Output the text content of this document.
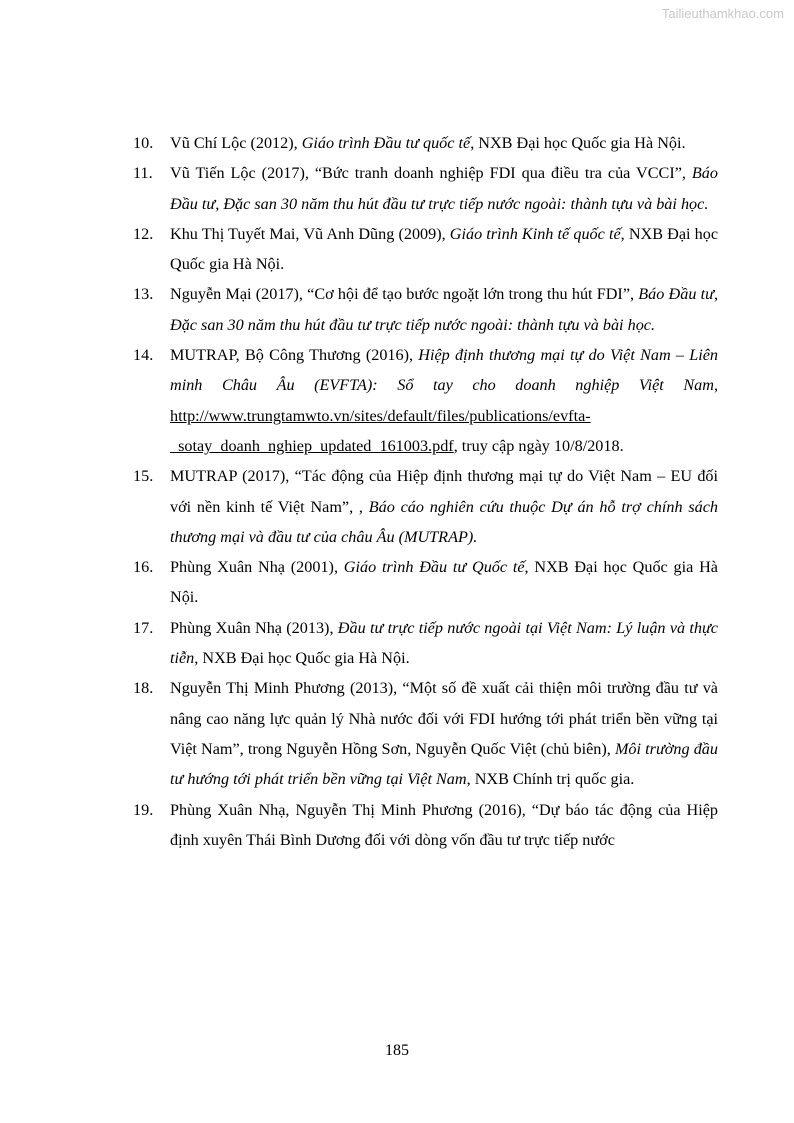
Tailieuthamkhao.com
10. Vũ Chí Lộc (2012), Giáo trình Đầu tư quốc tế, NXB Đại học Quốc gia Hà Nội.
11. Vũ Tiến Lộc (2017), “Bức tranh doanh nghiệp FDI qua điều tra của VCCI”, Báo Đầu tư, Đặc san 30 năm thu hút đầu tư trực tiếp nước ngoài: thành tựu và bài học.
12. Khu Thị Tuyết Mai, Vũ Anh Dũng (2009), Giáo trình Kinh tế quốc tế, NXB Đại học Quốc gia Hà Nội.
13. Nguyễn Mại (2017), “Cơ hội để tạo bước ngoặt lớn trong thu hút FDI”, Báo Đầu tư, Đặc san 30 năm thu hút đầu tư trực tiếp nước ngoài: thành tựu và bài học.
14. MUTRAP, Bộ Công Thương (2016), Hiệp định thương mại tự do Việt Nam – Liên minh Châu Âu (EVFTA): Sổ tay cho doanh nghiệp Việt Nam, http://www.trungtamwto.vn/sites/default/files/publications/evfta-
_sotay_doanh_nghiep_updated_161003.pdf, truy cập ngày 10/8/2018.
15. MUTRAP (2017), “Tác động của Hiệp định thương mại tự do Việt Nam – EU đối với nền kinh tế Việt Nam”, , Báo cáo nghiên cứu thuộc Dự án hỗ trợ chính sách thương mại và đầu tư của châu Âu (MUTRAP).
16. Phùng Xuân Nhạ (2001), Giáo trình Đầu tư Quốc tế, NXB Đại học Quốc gia Hà Nội.
17. Phùng Xuân Nhạ (2013), Đầu tư trực tiếp nước ngoài tại Việt Nam: Lý luận và thực tiễn, NXB Đại học Quốc gia Hà Nội.
18. Nguyễn Thị Minh Phương (2013), “Một số đề xuất cải thiện môi trường đầu tư và nâng cao năng lực quản lý Nhà nước đối với FDI hướng tới phát triển bền vững tại Việt Nam”, trong Nguyễn Hồng Sơn, Nguyễn Quốc Việt (chủ biên), Môi trường đầu tư hướng tới phát triển bền vững tại Việt Nam, NXB Chính trị quốc gia.
19. Phùng Xuân Nhạ, Nguyễn Thị Minh Phương (2016), “Dự báo tác động của Hiệp định xuyên Thái Bình Dương đối với dòng vốn đầu tư trực tiếp nước
185
